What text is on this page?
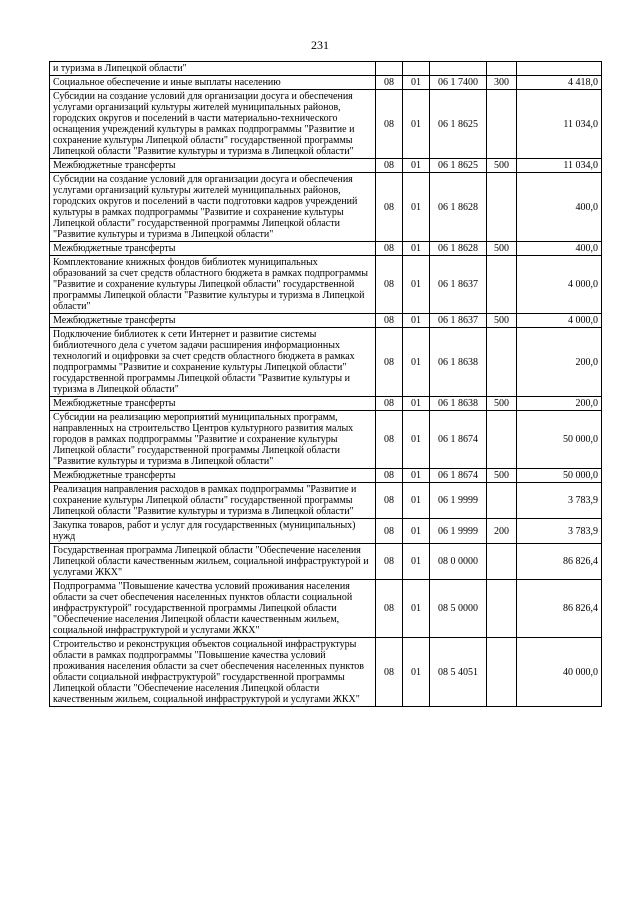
231
и туризма в Липецкой области"					
Социальное обеспечение и иные выплаты населению	08	01	06 1 7400	300	4 418,0
Субсидии на создание условий для организации досуга и обеспечения услугами организаций культуры жителей муниципальных районов, городских округов и поселений в части материально-технического оснащения учреждений культуры в рамках подпрограммы "Развитие и сохранение культуры Липецкой области" государственной программы Липецкой области "Развитие культуры и туризма в Липецкой области"	08	01	06 1 8625		11 034,0
Межбюджетные трансферты	08	01	06 1 8625	500	11 034,0
Субсидии на создание условий для организации досуга и обеспечения услугами организаций культуры жителей муниципальных районов, городских округов и поселений в части подготовки кадров учреждений культуры в рамках подпрограммы "Развитие и сохранение культуры Липецкой области" государственной программы Липецкой области "Развитие культуры и туризма в Липецкой области"	08	01	06 1 8628		400,0
Межбюджетные трансферты	08	01	06 1 8628	500	400,0
Комплектование книжных фондов библиотек муниципальных образований за счет средств областного бюджета в рамках подпрограммы "Развитие и сохранение культуры Липецкой области" государственной программы Липецкой области "Развитие культуры и туризма в Липецкой области"	08	01	06 1 8637		4 000,0
Межбюджетные трансферты	08	01	06 1 8637	500	4 000,0
Подключение библиотек к сети Интернет и развитие системы библиотечного дела с учетом задачи расширения информационных технологий и оцифровки за счет средств областного бюджета в рамках подпрограммы "Развитие и сохранение культуры Липецкой области" государственной программы Липецкой области "Развитие культуры и туризма в Липецкой области"	08	01	06 1 8638		200,0
Межбюджетные трансферты	08	01	06 1 8638	500	200,0
Субсидии на реализацию мероприятий муниципальных программ, направленных на строительство Центров культурного развития малых городов в рамках подпрограммы "Развитие и сохранение культуры Липецкой области" государственной программы Липецкой области "Развитие культуры и туризма в Липецкой области"	08	01	06 1 8674		50 000,0
Межбюджетные трансферты	08	01	06 1 8674	500	50 000,0
Реализация направления расходов в рамках подпрограммы "Развитие и сохранение культуры Липецкой области" государственной программы Липецкой области "Развитие культуры и туризма в Липецкой области"	08	01	06 1 9999		3 783,9
Закупка товаров, работ и услуг для государственных (муниципальных) нужд	08	01	06 1 9999	200	3 783,9
Государственная программа Липецкой области "Обеспечение населения Липецкой области качественным жильем, социальной инфраструктурой и услугами ЖКХ"	08	01	08 0 0000		86 826,4
Подпрограмма "Повышение качества условий проживания населения области за счет обеспечения населенных пунктов области социальной инфраструктурой" государственной программы Липецкой области "Обеспечение населения Липецкой области качественным жильем, социальной инфраструктурой и услугами ЖКХ"	08	01	08 5 0000		86 826,4
Строительство и реконструкция объектов социальной инфраструктуры области в рамках подпрограммы "Повышение качества условий проживания населения области за счет обеспечения населенных пунктов области социальной инфраструктурой" государственной программы Липецкой области "Обеспечение населения Липецкой области качественным жильем, социальной инфраструктурой и услугами ЖКХ"	08	01	08 5 4051		40 000,0
